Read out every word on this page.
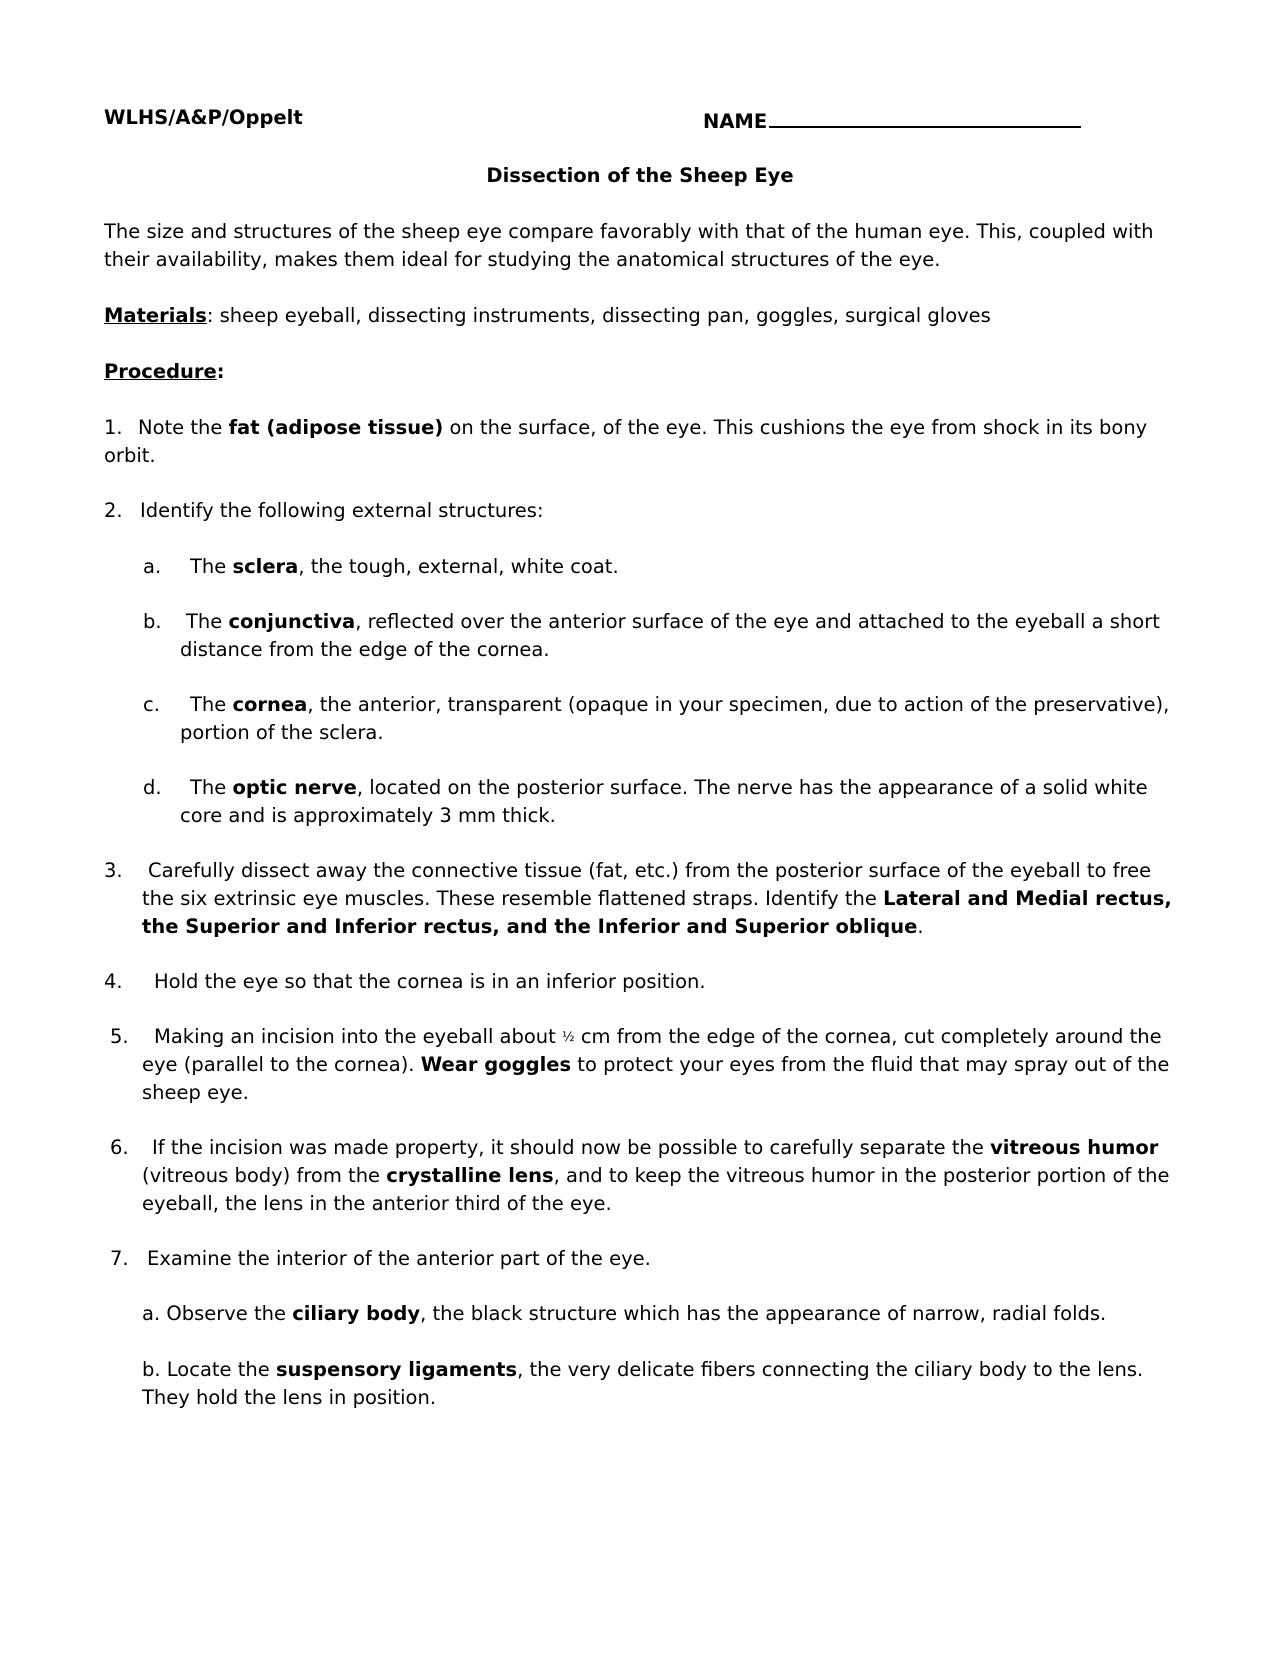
WLHS/A&P/Oppelt	NAME
Dissection of the Sheep Eye
The size and structures of the sheep eye compare favorably with that of the human eye. This, coupled with
their availability, makes them ideal for studying the anatomical structures of the eye.
Materials: sheep eyeball, dissecting instruments, dissecting pan, goggles, surgical gloves
Procedure:
1. Note the fat (adipose tissue) on the surface, of the eye. This cushions the eye from shock in its bony
orbit.
2. Identify the following external structures:
a. The sclera, the tough, external, white coat.
b. The conjunctiva, reflected over the anterior surface of the eye and attached to the eyeball a short
distance from the edge of the cornea.
c. The cornea, the anterior, transparent (opaque in your specimen, due to action of the preservative),
portion of the sclera.
d. The optic nerve, located on the posterior surface. The nerve has the appearance of a solid white
core and is approximately 3 mm thick.
3. Carefully dissect away the connective tissue (fat, etc.) from the posterior surface of the eyeball to free
the six extrinsic eye muscles. These resemble flattened straps. Identify the Lateral and Medial rectus,
the Superior and Inferior rectus, and the Inferior and Superior oblique.
4. Hold the eye so that the cornea is in an inferior position.
5. Making an incision into the eyeball about ½ cm from the edge of the cornea, cut completely around the
eye (parallel to the cornea). Wear goggles to protect your eyes from the fluid that may spray out of the
sheep eye.
6. If the incision was made property, it should now be possible to carefully separate the vitreous humor
(vitreous body) from the crystalline lens, and to keep the vitreous humor in the posterior portion of the
eyeball, the lens in the anterior third of the eye.
7. Examine the interior of the anterior part of the eye.
a. Observe the ciliary body, the black structure which has the appearance of narrow, radial folds.
b. Locate the suspensory ligaments, the very delicate fibers connecting the ciliary body to the lens.
They hold the lens in position.
